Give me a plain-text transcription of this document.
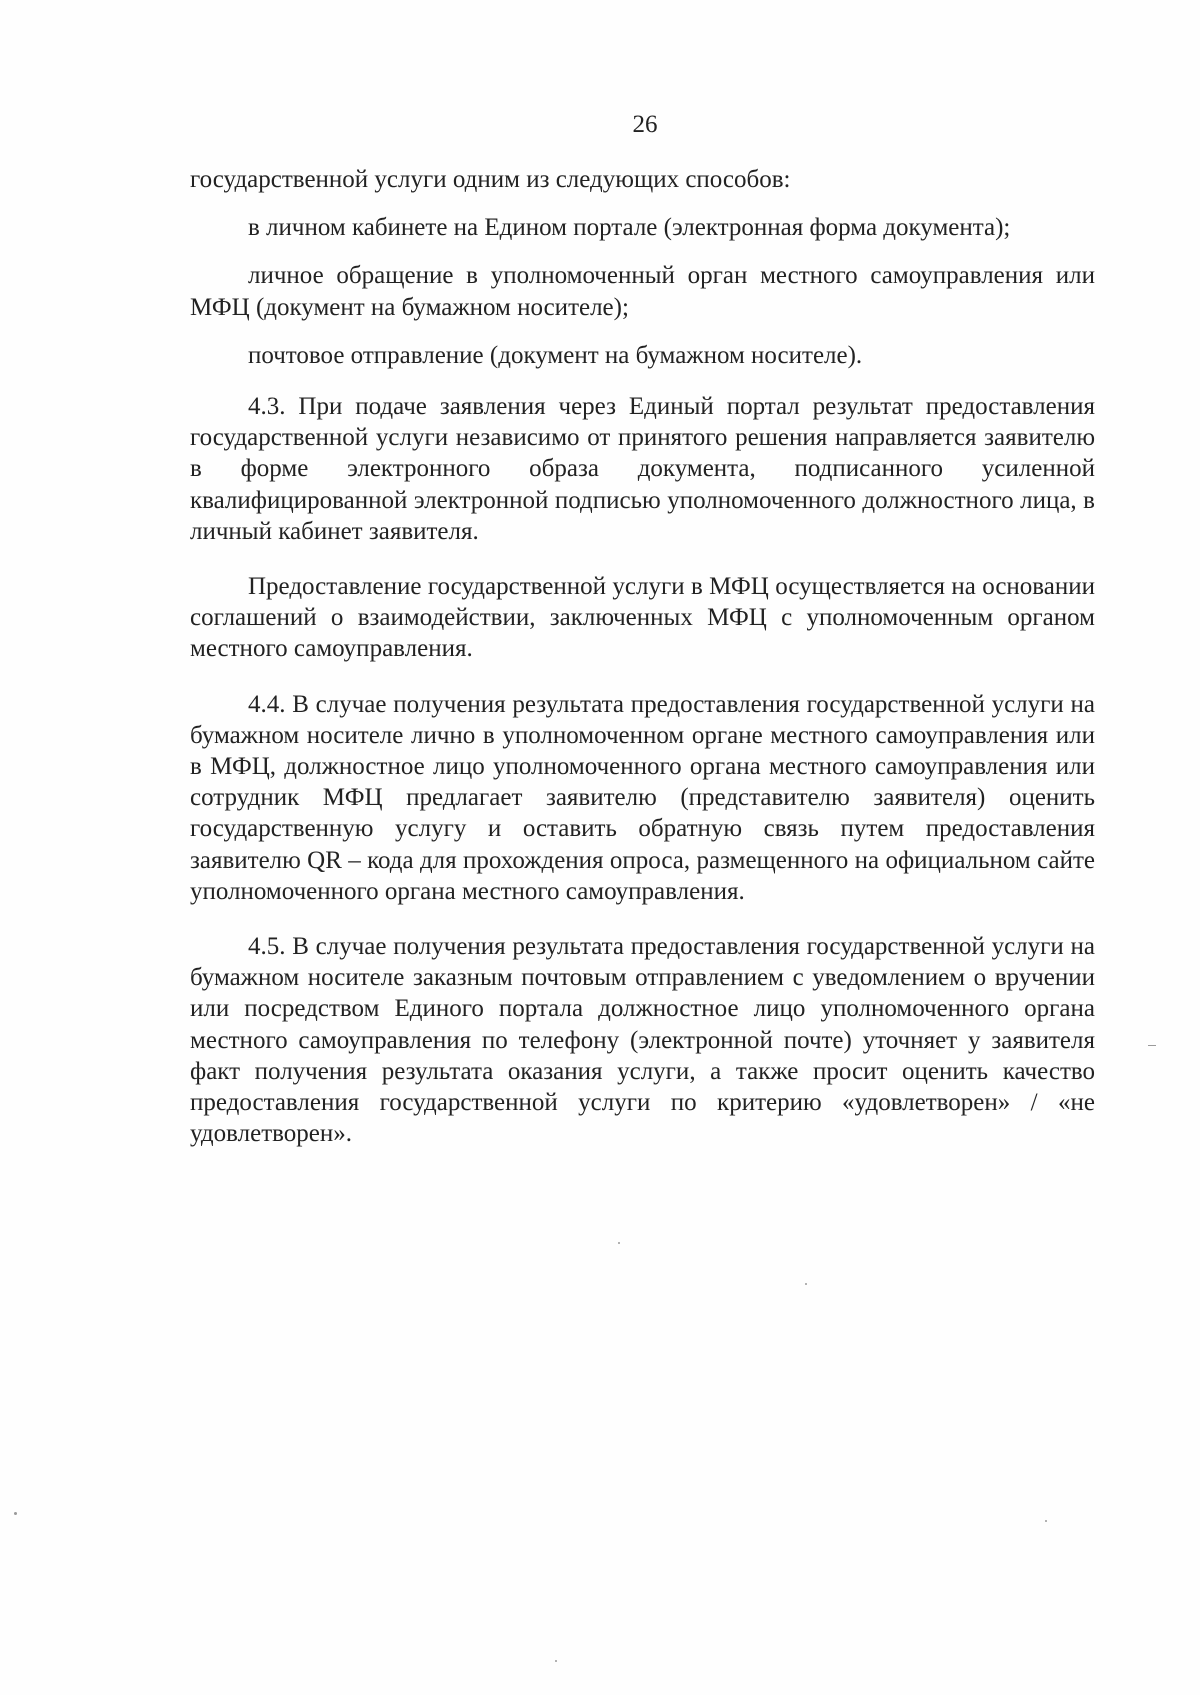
26

государственной услуги одним из следующих способов:

в личном кабинете на Едином портале (электронная форма документа);

личное обращение в уполномоченный орган местного самоуправления или МФЦ (документ на бумажном носителе);

почтовое отправление (документ на бумажном носителе).

4.3. При подаче заявления через Единый портал результат предоставления государственной услуги независимо от принятого решения направляется заявителю в форме электронного образа документа, подписанного усиленной квалифицированной электронной подписью уполномоченного должностного лица, в личный кабинет заявителя.

Предоставление государственной услуги в МФЦ осуществляется на основании соглашений о взаимодействии, заключенных МФЦ с уполномоченным органом местного самоуправления.

4.4. В случае получения результата предоставления государственной услуги на бумажном носителе лично в уполномоченном органе местного самоуправления или в МФЦ, должностное лицо уполномоченного органа местного самоуправления или сотрудник МФЦ предлагает заявителю (представителю заявителя) оценить государственную услугу и оставить обратную связь путем предоставления заявителю QR – кода для прохождения опроса, размещенного на официальном сайте уполномоченного органа местного самоуправления.

4.5. В случае получения результата предоставления государственной услуги на бумажном носителе заказным почтовым отправлением с уведомлением о вручении или посредством Единого портала должностное лицо уполномоченного органа местного самоуправления по телефону (электронной почте) уточняет у заявителя факт получения результата оказания услуги, а также просит оценить качество предоставления государственной услуги по критерию «удовлетворен» / «не удовлетворен».
